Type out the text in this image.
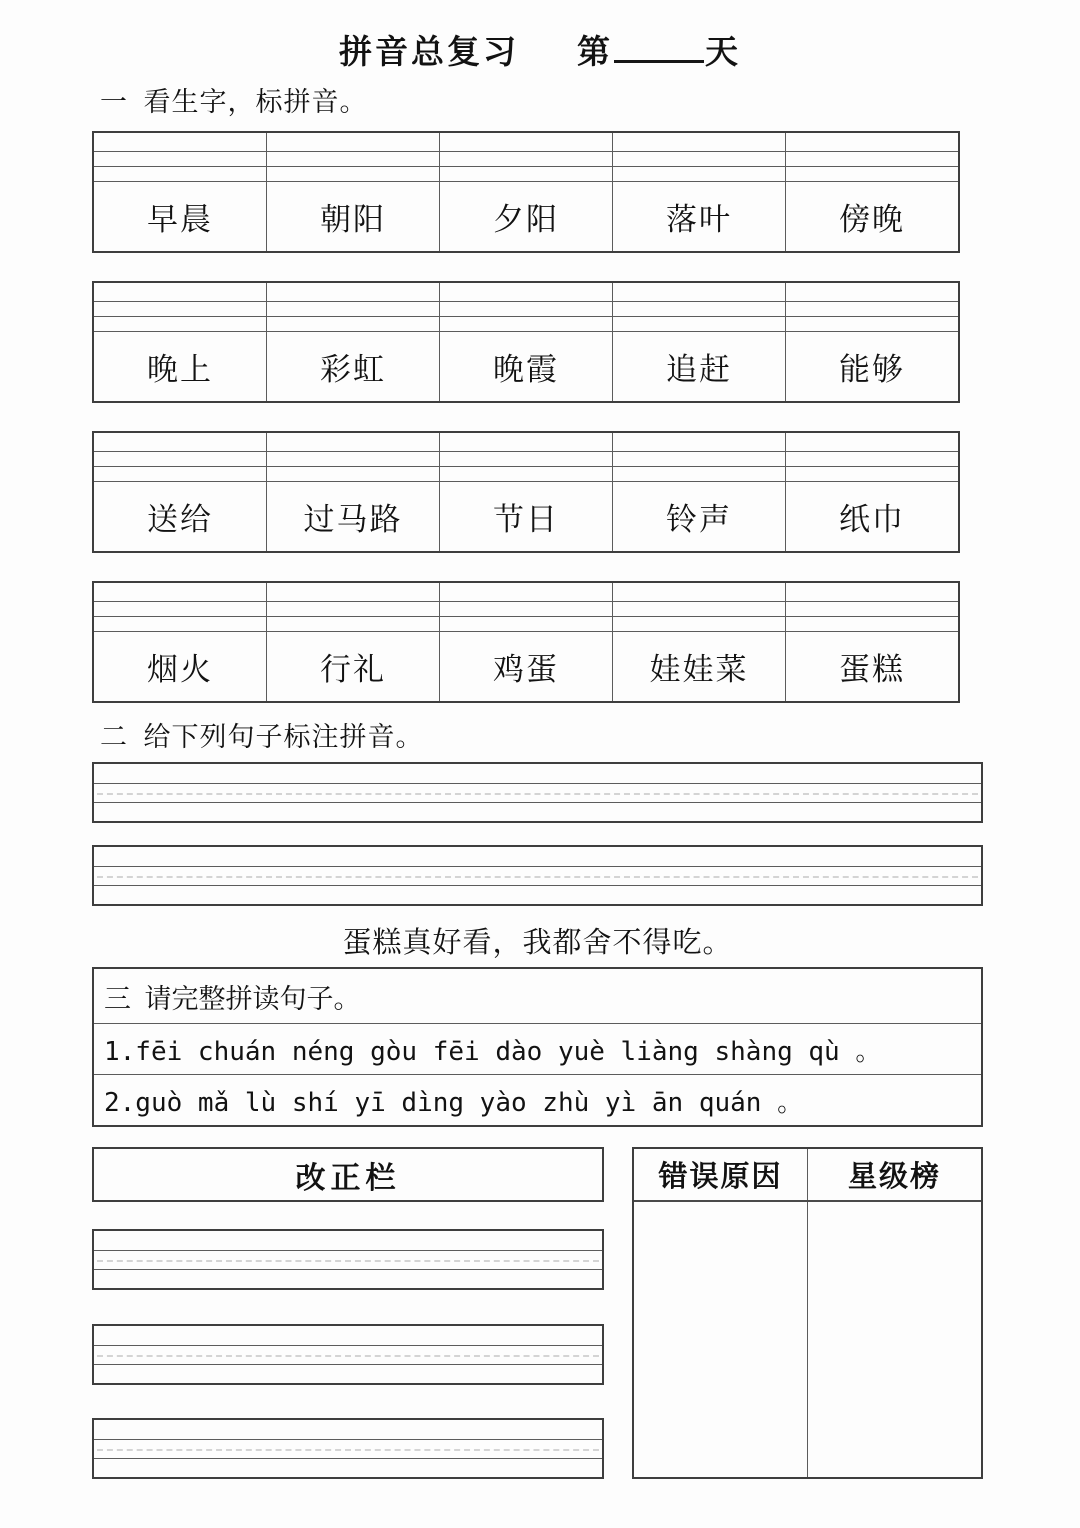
拼音总复习 第	天
一  看生字，标拼音。
早晨	朝阳	夕阳	落叶	傍晚
晚上	彩虹	晚霞	追赶	能够
送给	过马路	节日	铃声	纸巾
烟火	行礼	鸡蛋	娃娃菜	蛋糕
二  给下列句子标注拼音。
蛋糕真好看，我都舍不得吃。
三  请完整拼读句子。
1.fēi chuán néng gòu fēi dào yuè liàng shàng qù 。
2.guò mǎ lù shí yī dìng yào zhù yì ān quán 。
改正栏	错误原因	星级榜
